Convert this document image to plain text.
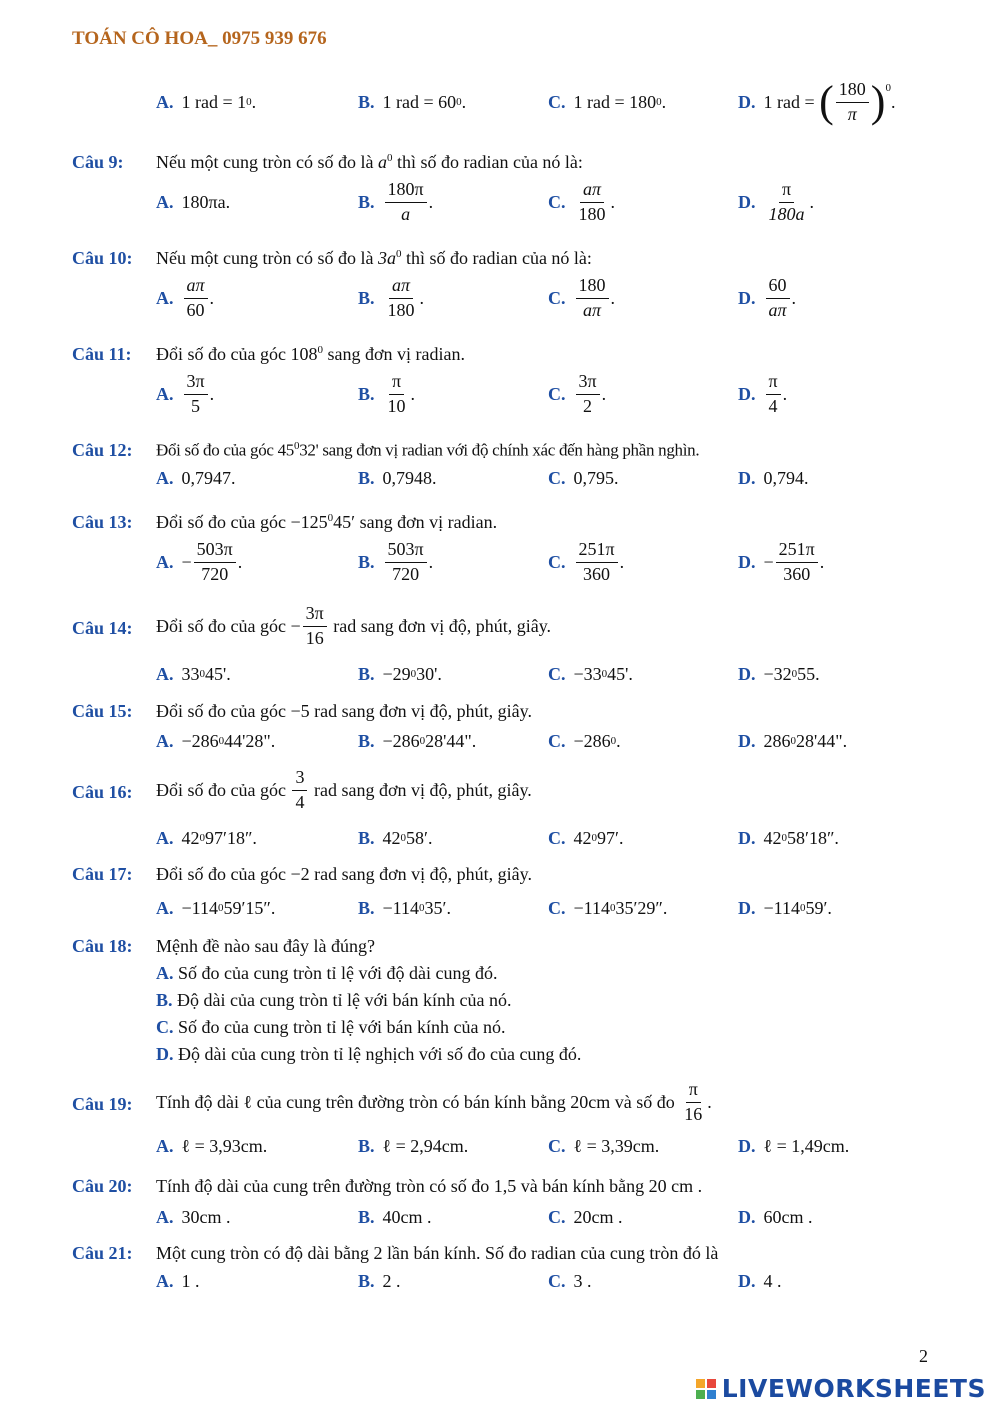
TOÁN CÔ HOA_ 0975 939 676
A. 1 rad = 1 0 .	B. 1 rad = 60 0 .	C. 1 rad = 180 0 .	D. 1 rad =
( $\frac{180}{\pi} )^0$
.
Câu 9: Nếu một cung tròn có số đo là $a^0$ thì số đo radian của nó là:
A. 180πa.	B. $\frac{180\pi}{a}$ .	C. $\frac{a\pi}{180}$ .	D. $\frac{\pi}{180a}$ .
Câu 10: Nếu một cung tròn có số đo là $3a^0$ thì số đo radian của nó là:
A. $\frac{a\pi}{60}$ .	B. $\frac{a\pi}{180}$ .	C. $\frac{180}{a\pi}$ .	D. $\frac{60}{a\pi}$ .
Câu 11: Đổi số đo của góc $108^0$ sang đơn vị radian.
A. $\frac{3\pi}{5}$ .	B. $\frac{\pi}{10}$ .	C. $\frac{3\pi}{2}$ .	D. $\frac{\pi}{4}$ .
Câu 12: Đổi số đo của góc $45^032'$ sang đơn vị radian với độ chính xác đến hàng phần nghìn.
A. 0,7947.	B. 0,7948.	C. 0,795.	D. 0,794.
Câu 13: Đổi số đo của góc $-125^045'$ sang đơn vị radian.
A. − $\frac{503\pi}{720}$ .	B. $\frac{503\pi}{720}$ .	C. $\frac{251\pi}{360}$ .	D. − $\frac{251\pi}{360}$ .
Câu 14: Đổi số đo của góc
− $\frac{3\pi}{16}$
rad sang đơn vị độ, phút, giây.
A. 33 0 45'.	B. −29 0 30'.	C. −33 0 45'.	D. −32 0 55.
Câu 15: Đổi số đo của góc −5 rad sang đơn vị độ, phút, giây.
A. −286 0 44'28".	B. −286 0 28'44".	C. −286 0 .	D. 286 0 28'44".
Câu 16: Đổi số đo của góc
$\frac{3}{4}$
rad sang đơn vị độ, phút, giây.
A. 42 0 97′18″.	B. 42 0 58′.	C. 42 0 97′.	D. 42 0 58′18″.
Câu 17: Đổi số đo của góc −2 rad sang đơn vị độ, phút, giây.
A. −114 0 59′15″.	B. −114 0 35′.	C. −114 0 35′29″.	D. −114 0 59′.
Câu 18: Mệnh đề nào sau đây là đúng?
A. Số đo của cung tròn tỉ lệ với độ dài cung đó.
B. Độ dài của cung tròn tỉ lệ với bán kính của nó.
C. Số đo của cung tròn tỉ lệ với bán kính của nó.
D. Độ dài của cung tròn tỉ lệ nghịch với số đo của cung đó.
Câu 19: Tính độ dài ℓ của cung trên đường tròn có bán kính bằng 20cm và số đo
$\frac{\pi}{16}$ .
A. ℓ = 3,93cm.	B. ℓ = 2,94cm.	C. ℓ = 3,39cm.	D. ℓ = 1,49cm.
Câu 20: Tính độ dài của cung trên đường tròn có số đo 1,5 và bán kính bằng 20 cm .
A. 30cm .	B. 40cm .	C. 20cm .	D. 60cm .
Câu 21: Một cung tròn có độ dài bằng 2 lần bán kính. Số đo radian của cung tròn đó là
A. 1 .	B. 2 .	C. 3 .	D. 4 .
2
LIVEWORKSHEETS
